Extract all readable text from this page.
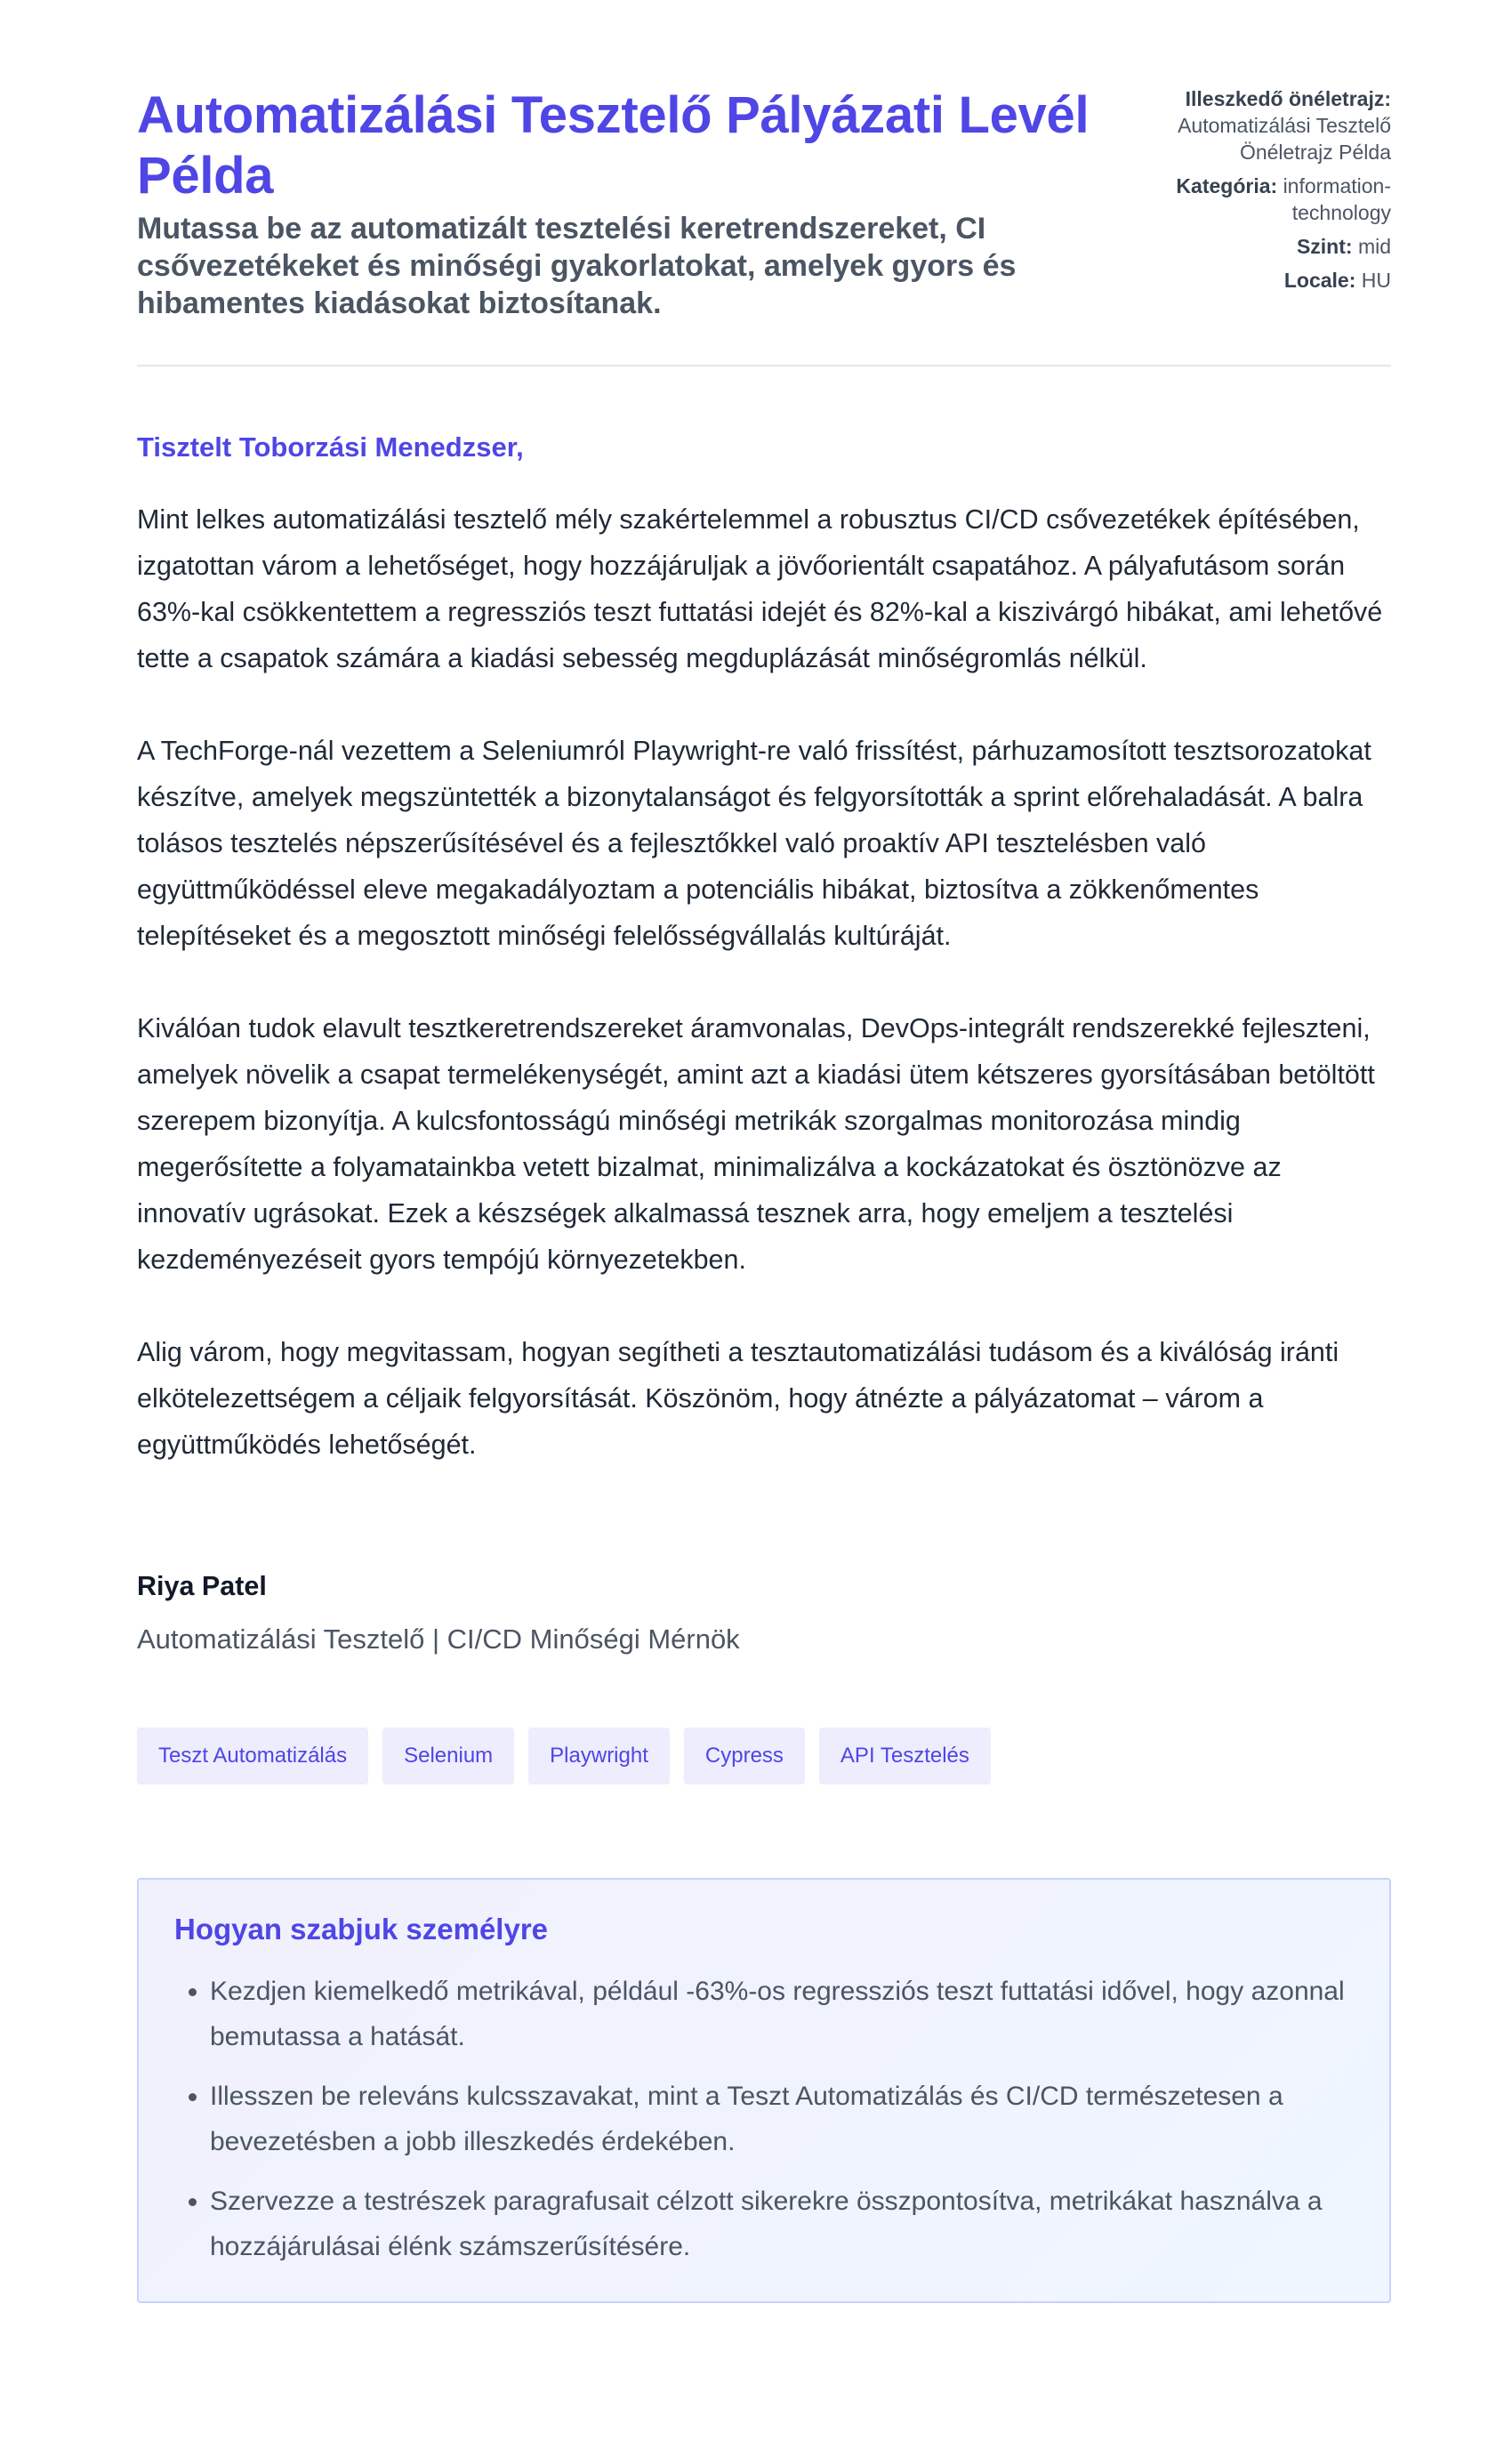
Automatizálási Tesztelő Pályázati Levél Példa

Mutassa be az automatizált tesztelési keretrendszereket, CI csővezetékeket és minőségi gyakorlatokat, amelyek gyors és hibamentes kiadásokat biztosítanak.

Illeszkedő önéletrajz:
Automatizálási Tesztelő Önéletrajz Példa
Kategória: information-technology
Szint: mid
Locale: HU

Tisztelt Toborzási Menedzser,

Mint lelkes automatizálási tesztelő mély szakértelemmel a robusztus CI/CD csővezetékek építésében, izgatottan várom a lehetőséget, hogy hozzájáruljak a jövőorientált csapatához. A pályafutásom során 63%-kal csökkentettem a regressziós teszt futtatási idejét és 82%-kal a kiszivárgó hibákat, ami lehetővé tette a csapatok számára a kiadási sebesség megduplázását minőségromlás nélkül.

A TechForge-nál vezettem a Seleniumról Playwright-re való frissítést, párhuzamosított tesztsorozatokat készítve, amelyek megszüntették a bizonytalanságot és felgyorsították a sprint előrehaladását. A balra tolásos tesztelés népszerűsítésével és a fejlesztőkkel való proaktív API tesztelésben való együttműködéssel eleve megakadályoztam a potenciális hibákat, biztosítva a zökkenőmentes telepítéseket és a megosztott minőségi felelősségvállalás kultúráját.

Kiválóan tudok elavult tesztkeretrendszereket áramvonalas, DevOps-integrált rendszerekké fejleszteni, amelyek növelik a csapat termelékenységét, amint azt a kiadási ütem kétszeres gyorsításában betöltött szerepem bizonyítja. A kulcsfontosságú minőségi metrikák szorgalmas monitorozása mindig megerősítette a folyamatainkba vetett bizalmat, minimalizálva a kockázatokat és ösztönözve az innovatív ugrásokat. Ezek a készségek alkalmassá tesznek arra, hogy emeljem a tesztelési kezdeményezéseit gyors tempójú környezetekben.

Alig várom, hogy megvitassam, hogyan segítheti a tesztautomatizálási tudásom és a kiválóság iránti elkötelezettségem a céljaik felgyorsítását. Köszönöm, hogy átnézte a pályázatomat – várom a együttműködés lehetőségét.

Riya Patel

Automatizálási Tesztelő | CI/CD Minőségi Mérnök

Teszt Automatizálás	Selenium	Playwright	Cypress	API Tesztelés
Hogyan szabjuk személyre
• Kezdjen kiemelkedő metrikával, például -63%-os regressziós teszt futtatási idővel, hogy azonnal bemutassa a hatását.
• Illesszen be releváns kulcsszavakat, mint a Teszt Automatizálás és CI/CD természetesen a bevezetésben a jobb illeszkedés érdekében.
• Szervezze a testrészek paragrafusait célzott sikerekre összpontosítva, metrikákat használva a hozzájárulásai élénk számszerűsítésére.
